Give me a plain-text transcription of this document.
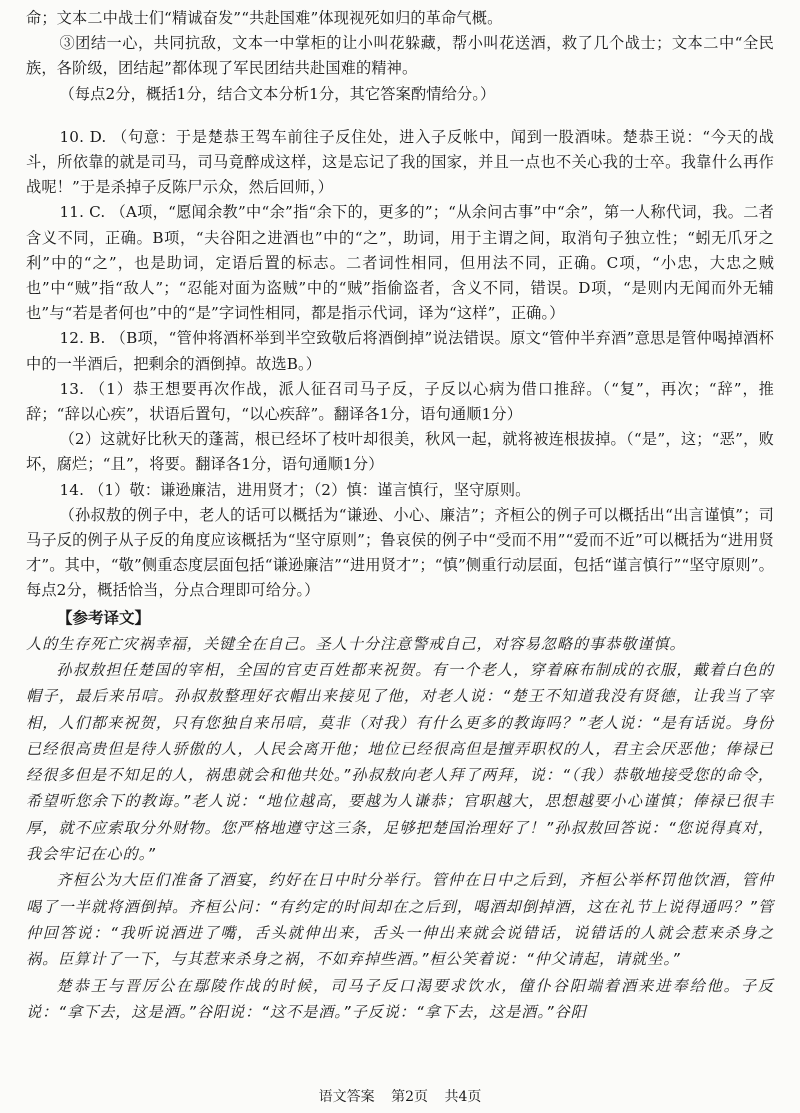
命；文本二中战士们“精诚奋发”“共赴国难”体现视死如归的革命气概。

③团结一心，共同抗敌，文本一中掌柜的让小叫花躲藏，帮小叫花送酒，救了几个战士；文本二中“全民族，各阶级，团结起”都体现了军民团结共赴国难的精神。

（每点2分，概括1分，结合文本分析1分，其它答案酌情给分。）

10. D. （句意：于是楚恭王驾车前往子反住处，进入子反帐中，闻到一股酒味。楚恭王说：“今天的战斗，所依靠的就是司马，司马竟醉成这样，这是忘记了我的国家，并且一点也不关心我的士卒。我靠什么再作战呢！”于是杀掉子反陈尸示众，然后回师，）

11. C. （A项，“愿闻余教”中“余”指“余下的，更多的”；“从余问古事”中“余”，第一人称代词，我。二者含义不同，正确。B项，“夫谷阳之进酒也”中的“之”，助词，用于主谓之间，取消句子独立性；“蚓无爪牙之利”中的“之”，也是助词，定语后置的标志。二者词性相同，但用法不同，正确。C项，“小忠，大忠之贼也”中“贼”指“敌人”；“忍能对面为盗贼”中的“贼”指偷盗者，含义不同，错误。D项，“是则内无闻而外无辅也”与“若是者何也”中的“是”字词性相同，都是指示代词，译为“这样”，正确。）

12. B. （B项，“管仲将酒杯举到半空致敬后将酒倒掉”说法错误。原文“管仲半弃酒”意思是管仲喝掉酒杯中的一半酒后，把剩余的酒倒掉。故选B。）

13. （1）恭王想要再次作战，派人征召司马子反，子反以心病为借口推辞。（“复”，再次；“辞”，推辞；“辞以心疾”，状语后置句，“以心疾辞”。翻译各1分，语句通顺1分）

（2）这就好比秋天的蓬蒿，根已经坏了枝叶却很美，秋风一起，就将被连根拔掉。（“是”，这；“恶”，败坏，腐烂；“且”，将要。翻译各1分，语句通顺1分）

14. （1）敬：谦逊廉洁，进用贤才；（2）慎：谨言慎行，坚守原则。

（孙叔敖的例子中，老人的话可以概括为“谦逊、小心、廉洁”；齐桓公的例子可以概括出“出言谨慎”；司马子反的例子从子反的角度应该概括为“坚守原则”；鲁哀侯的例子中“受而不用”“爱而不近”可以概括为“进用贤才”。其中，“敬”侧重态度层面包括“谦逊廉洁”“进用贤才”；“慎”侧重行动层面，包括“谨言慎行”“坚守原则”。每点2分，概括恰当，分点合理即可给分。）

【参考译文】

人的生存死亡灾祸幸福，关键全在自己。圣人十分注意警戒自己，对容易忽略的事恭敬谨慎。

孙叔敖担任楚国的宰相，全国的官吏百姓都来祝贺。有一个老人，穿着麻布制成的衣服，戴着白色的帽子，最后来吊唁。孙叔敖整理好衣帽出来接见了他，对老人说：“楚王不知道我没有贤德，让我当了宰相，人们都来祝贺，只有您独自来吊唁，莫非（对我）有什么更多的教诲吗？”老人说：“是有话说。身份已经很高贵但是待人骄傲的人，人民会离开他；地位已经很高但是擅弄职权的人，君主会厌恶他；俸禄已经很多但是不知足的人，祸患就会和他共处。”孙叔敖向老人拜了两拜，说：“（我）恭敬地接受您的命令，希望听您余下的教诲。”老人说：“地位越高，要越为人谦恭；官职越大，思想越要小心谨慎；俸禄已很丰厚，就不应索取分外财物。您严格地遵守这三条，足够把楚国治理好了！”孙叔敖回答说：“您说得真对，我会牢记在心的。”

齐桓公为大臣们准备了酒宴，约好在日中时分举行。管仲在日中之后到，齐桓公举杯罚他饮酒，管仲喝了一半就将酒倒掉。齐桓公问：“有约定的时间却在之后到，喝酒却倒掉酒，这在礼节上说得通吗？”管仲回答说：“我听说酒进了嘴，舌头就伸出来，舌头一伸出来就会说错话，说错话的人就会惹来杀身之祸。臣算计了一下，与其惹来杀身之祸，不如弃掉些酒。”桓公笑着说：“仲父请起，请就坐。”

楚恭王与晋厉公在鄢陵作战的时候，司马子反口渴要求饮水，僮仆谷阳端着酒来进奉给他。子反说：“拿下去，这是酒。”谷阳说：“这不是酒。”子反说：“拿下去，这是酒。”谷阳

语文答案 第2页 共4页
